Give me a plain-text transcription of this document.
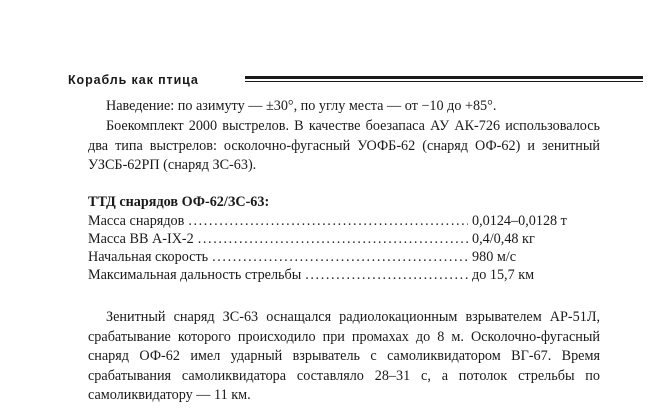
Корабль как птица

Наведение: по азимуту — ±30°, по углу места — от −10 до +85°.

Боекомплект 2000 выстрелов. В качестве боезапаса АУ АК-726 использовалось два типа выстрелов: осколочно-фугасный УОФБ-62 (снаряд ОФ-62) и зенитный УЗСБ-62РП (снаряд ЗС-63).

ТТД снарядов ОФ-62/ЗС-63:
Масса снарядов .....	0,0124–0,0128 т
Масса ВВ А-IX-2 .....	0,4/0,48 кг
Начальная скорость .....	980 м/с
Максимальная дальность стрельбы .....	до 15,7 км

Зенитный снаряд ЗС-63 оснащался радиолокационным взрывателем АР-51Л, срабатывание которого происходило при промахах до 8 м. Осколочно-фугасный снаряд ОФ-62 имел ударный взрыватель с самоликвидатором ВГ-67. Время срабатывания самоликвидатора составляло 28–31 с, а потолок стрельбы по самоликвидатору — 11 км.
